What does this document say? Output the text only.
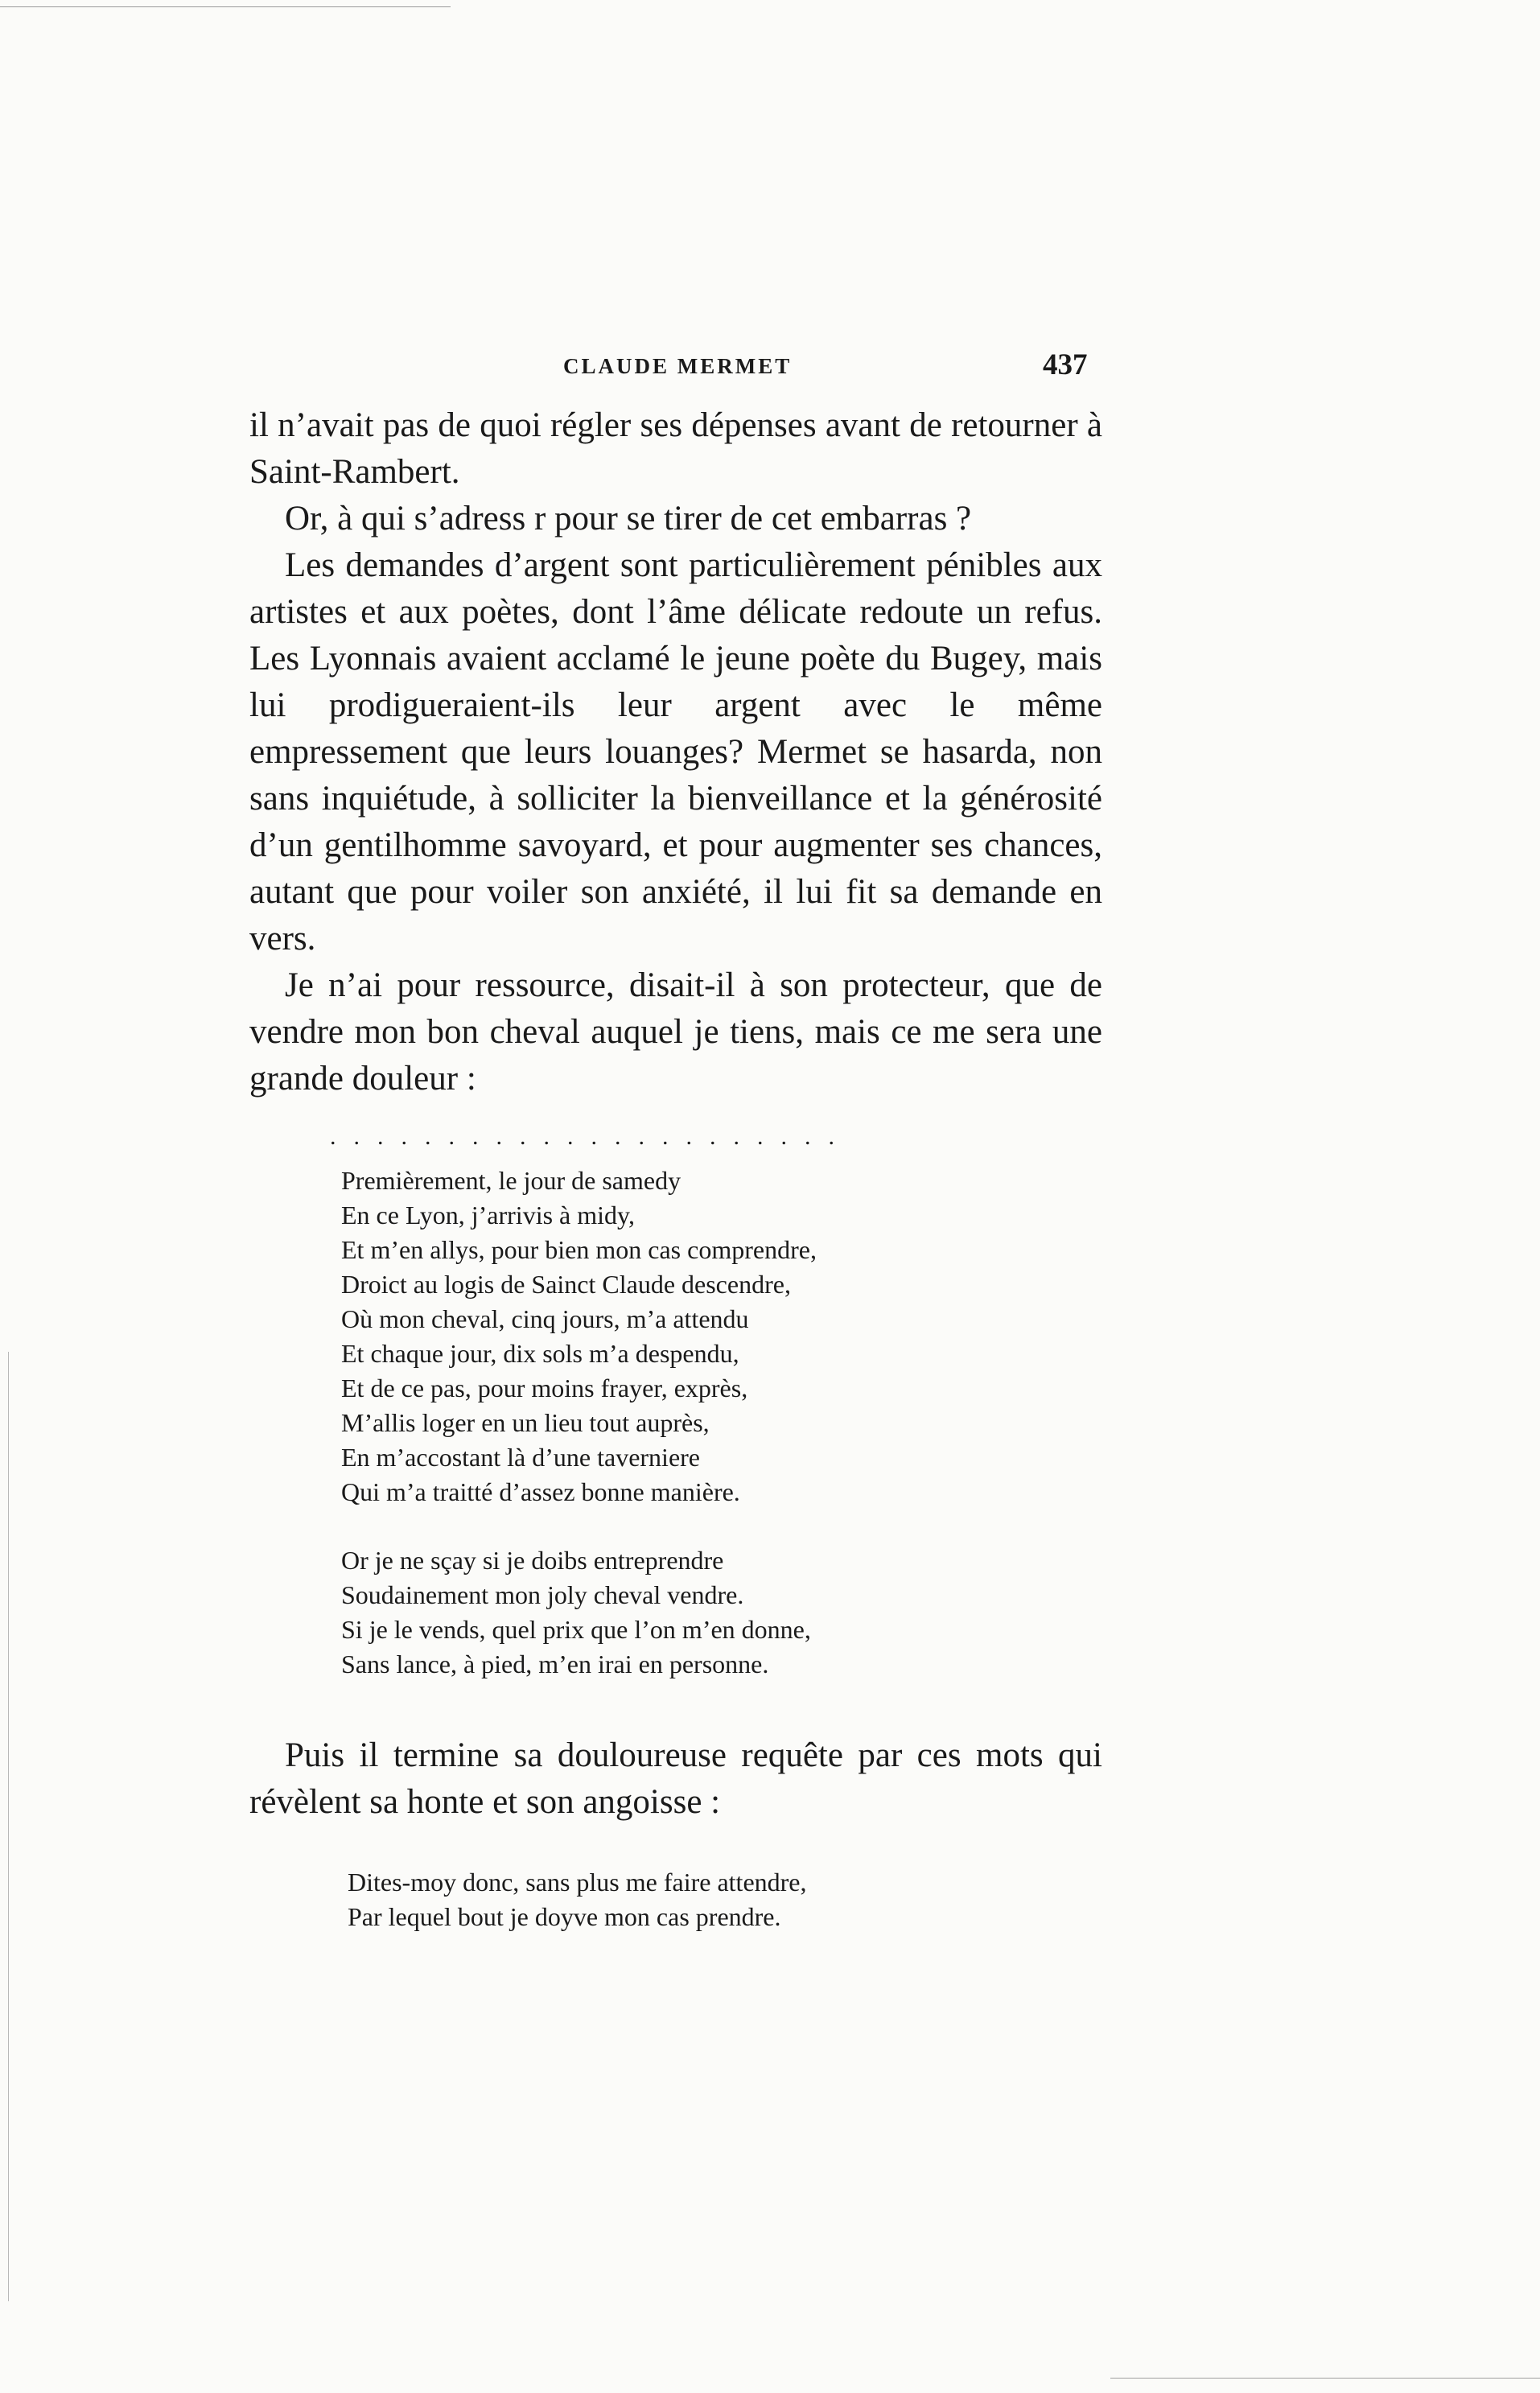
CLAUDE MERMET	437

il n’avait pas de quoi régler ses dépenses avant de retourner à Saint-Rambert.

Or, à qui s’adress r pour se tirer de cet embarras ?

Les demandes d’argent sont particulièrement pénibles aux artistes et aux poètes, dont l’âme délicate redoute un refus. Les Lyonnais avaient acclamé le jeune poète du Bugey, mais lui prodigueraient-ils leur argent avec le même empressement que leurs louanges? Mermet se hasarda, non sans inquiétude, à solliciter la bienveillance et la générosité d’un gentilhomme savoyard, et pour augmenter ses chances, autant que pour voiler son anxiété, il lui fit sa demande en vers.

Je n’ai pour ressource, disait-il à son protecteur, que de vendre mon bon cheval auquel je tiens, mais ce me sera une grande douleur :

......................
Premièrement, le jour de samedy
En ce Lyon, j’arrivis à midy,
Et m’en allys, pour bien mon cas comprendre,
Droict au logis de Sainct Claude descendre,
Où mon cheval, cinq jours, m’a attendu
Et chaque jour, dix sols m’a despendu,
Et de ce pas, pour moins frayer, exprès,
M’allis loger en un lieu tout auprès,
En m’accostant là d’une taverniere
Qui m’a traitté d’assez bonne manière.
Or je ne sçay si je doibs entreprendre
Soudainement mon joly cheval vendre.
Si je le vends, quel prix que l’on m’en donne,
Sans lance, à pied, m’en irai en personne.

Puis il termine sa douloureuse requête par ces mots qui révèlent sa honte et son angoisse :

Dites-moy donc, sans plus me faire attendre,
Par lequel bout je doyve mon cas prendre.
